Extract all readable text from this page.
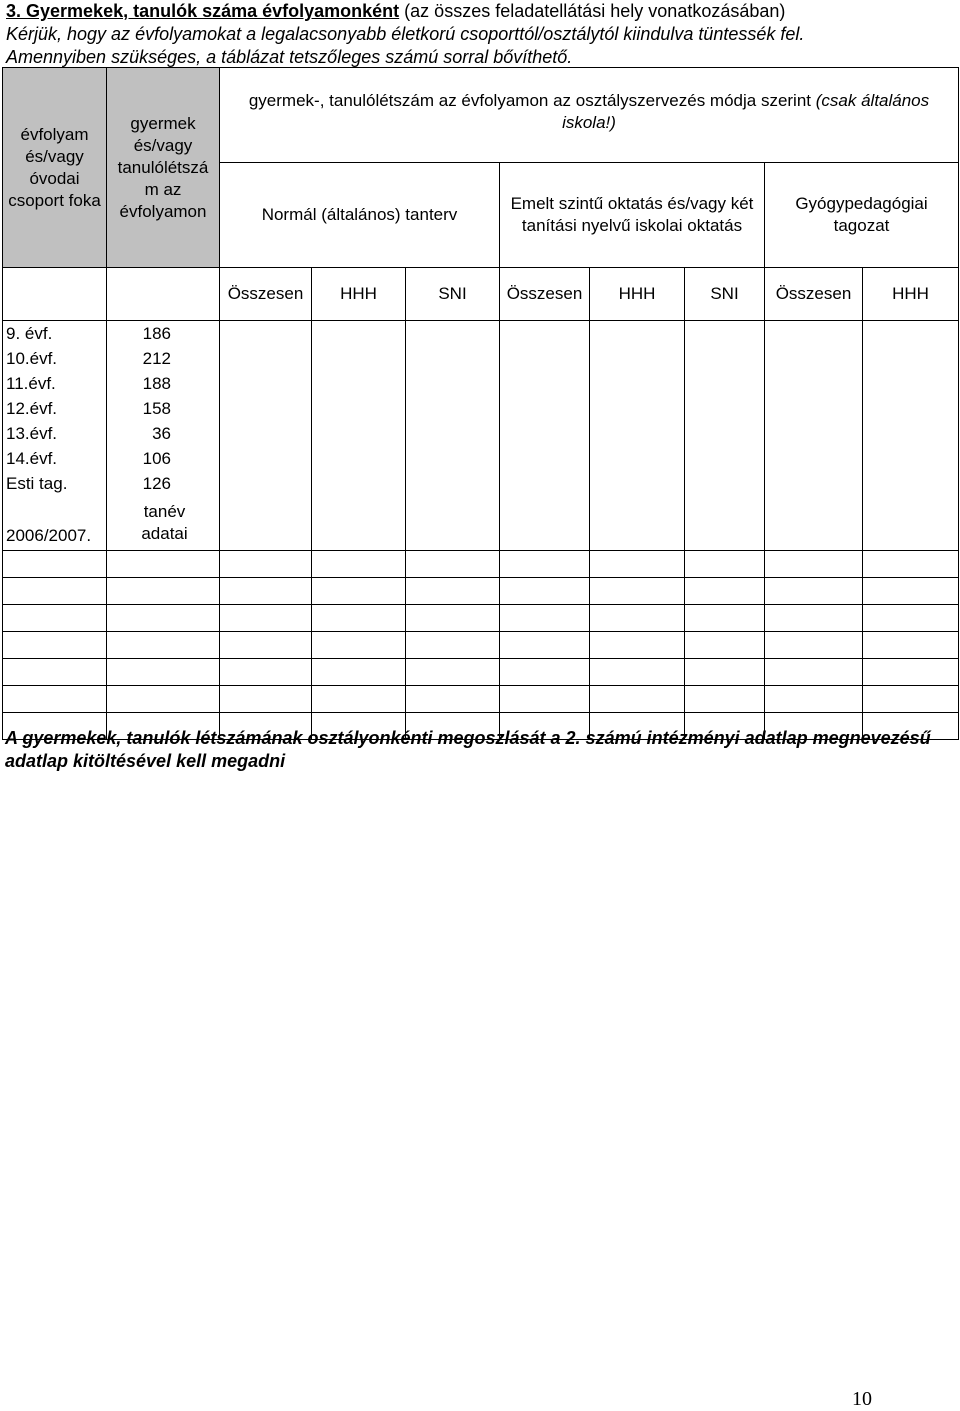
3. Gyermekek, tanulók száma évfolyamonként (az összes feladatellátási hely vonatkozásában)
Kérjük, hogy az évfolyamokat a legalacsonyabb életkorú csoporttól/osztálytól kiindulva tüntessék fel.
Amennyiben szükséges, a táblázat tetszőleges számú sorral bővíthető.
évfolyam és/vagy óvodai csoport foka	gyermek és/vagy tanulólétszá m az évfolyamon	gyermek-, tanulólétszám az évfolyamon az osztályszervezés módja szerint (csak általános iskola!)							
		Normál (általános) tanterv			Emelt szintű oktatás és/vagy két tanítási nyelvű iskolai oktatás			Gyógypedagógiai tagozat	
		Összesen	HHH	SNI	Összesen	HHH	SNI	Összesen	HHH
9. évf.	186								
10.évf.	212								
11.évf.	188								
12.évf.	158								
13.évf.	36								
14.évf.	106								
Esti tag.	126								
2006/2007.	tanév
adatai								

A gyermekek, tanulók létszámának osztályonkénti megoszlását a 2. számú intézményi adatlap megnevezésű adatlap kitöltésével kell megadni
10
